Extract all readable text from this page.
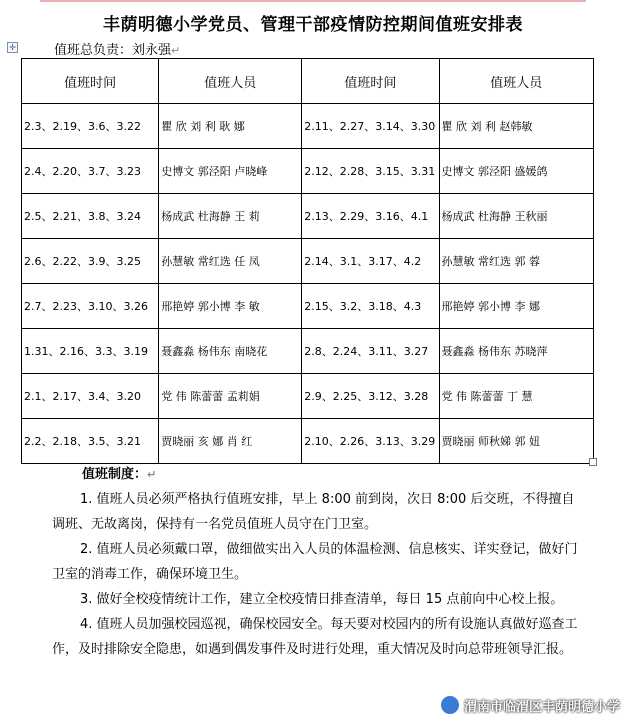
丰荫明德小学党员、管理干部疫情防控期间值班安排表
✛	值班总负责：刘永强↵
值班时间	值班人员	值班时间	值班人员
2.3、2.19、3.6、3.22	瞿 欣 刘 利 耿 娜	2.11、2.27、3.14、3.30	瞿 欣 刘 利 赵韩敏
2.4、2.20、3.7、3.23	史博文 郭泾阳 卢晓峰	2.12、2.28、3.15、3.31	史博文 郭泾阳 盛媛鸽
2.5、2.21、3.8、3.24	杨成武 杜海静 王 莉	2.13、2.29、3.16、4.1	杨成武 杜海静 王秋丽
2.6、2.22、3.9、3.25	孙慧敏 常红选 任 凤	2.14、3.1、3.17、4.2	孙慧敏 常红选 郭 蓉
2.7、2.23、3.10、3.26	邢艳婷 郭小博 李 敏	2.15、3.2、3.18、4.3	邢艳婷 郭小博 李 娜
1.31、2.16、3.3、3.19	聂鑫淼 杨伟东 南晓花	2.8、2.24、3.11、3.27	聂鑫淼 杨伟东 苏晓萍
2.1、2.17、3.4、3.20	党 伟 陈蕾蕾 孟莉娟	2.9、2.25、3.12、3.28	党 伟 陈蕾蕾 丁 慧
2.2、2.18、3.5、3.21	贾晓丽 亥 娜 肖 红	2.10、2.26、3.13、3.29	贾晓丽 师秋娣 郭 妞
值班制度：↵

1. 值班人员必须严格执行值班安排，早上 8:00 前到岗，次日 8:00 后交班，不得擅自调班、无故离岗，保持有一名党员值班人员守在门卫室。

2. 值班人员必须戴口罩，做细做实出入人员的体温检测、信息核实、详实登记，做好门卫室的消毒工作，确保环境卫生。

3. 做好全校疫情统计工作，建立全校疫情日排查清单，每日 15 点前向中心校上报。

4. 值班人员加强校园巡视，确保校园安全。每天要对校园内的所有设施认真做好巡查工作，及时排除安全隐患，如遇到偶发事件及时进行处理，重大情况及时向总带班领导汇报。

渭南市临渭区丰荫明德小学
